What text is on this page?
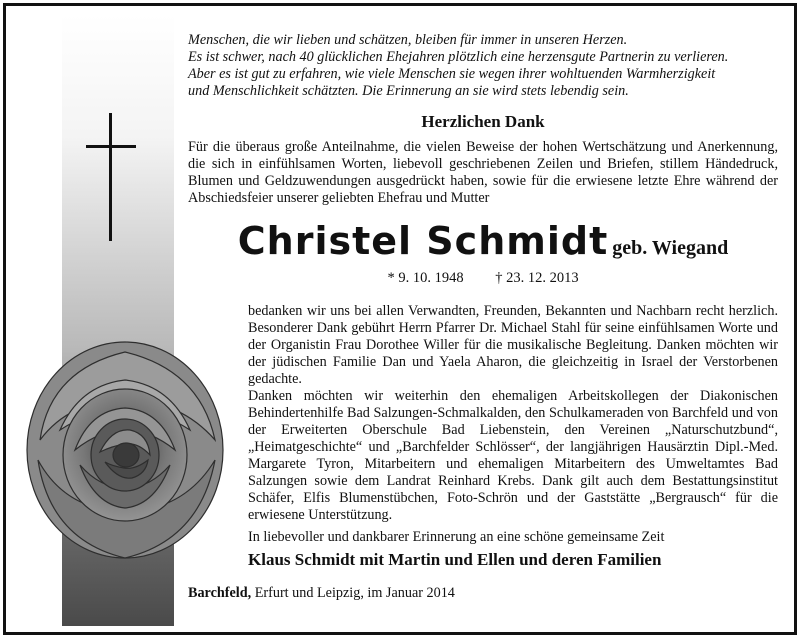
Menschen, die wir lieben und schätzen, bleiben für immer in unseren Herzen.
Es ist schwer, nach 40 glücklichen Ehejahren plötzlich eine herzensgute Partnerin zu verlieren.
Aber es ist gut zu erfahren, wie viele Menschen sie wegen ihrer wohltuenden Warmherzigkeit
und Menschlichkeit schätzten. Die Erinnerung an sie wird stets lebendig sein.
Herzlichen Dank
Für die überaus große Anteilnahme, die vielen Beweise der hohen Wertschätzung und Anerkennung, die sich in einfühlsamen Worten, liebevoll geschriebenen Zeilen und Briefen, stillem Händedruck, Blumen und Geldzuwendungen ausgedrückt haben, sowie für die erwiesene letzte Ehre während der Abschiedsfeier unserer geliebten Ehefrau und Mutter
Christel Schmidt geb. Wiegand
* 9. 10. 1948 † 23. 12. 2013
bedanken wir uns bei allen Verwandten, Freunden, Bekannten und Nachbarn recht herzlich. Besonderer Dank gebührt Herrn Pfarrer Dr. Michael Stahl für seine einfühlsamen Worte und der Organistin Frau Dorothee Willer für die musikalische Begleitung. Danken möchten wir der jüdischen Familie Dan und Yaela Aharon, die gleichzeitig in Israel der Verstorbenen gedachte.
Danken möchten wir weiterhin den ehemaligen Arbeitskollegen der Diakonischen Behindertenhilfe Bad Salzungen-Schmalkalden, den Schulkameraden von Barchfeld und von der Erweiterten Oberschule Bad Liebenstein, den Vereinen „Naturschutzbund“, „Heimatgeschichte“ und „Barchfelder Schlösser“, der langjährigen Hausärztin Dipl.-Med. Margarete Tyron, Mitarbeitern und ehemaligen Mitarbeitern des Umweltamtes Bad Salzungen sowie dem Landrat Reinhard Krebs. Dank gilt auch dem Bestattungsinstitut Schäfer, Elfis Blumenstübchen, Foto-Schrön und der Gaststätte „Bergrausch“ für die erwiesene Unterstützung.
In liebevoller und dankbarer Erinnerung an eine schöne gemeinsame Zeit
Klaus Schmidt mit Martin und Ellen und deren Familien
Barchfeld, Erfurt und Leipzig, im Januar 2014
